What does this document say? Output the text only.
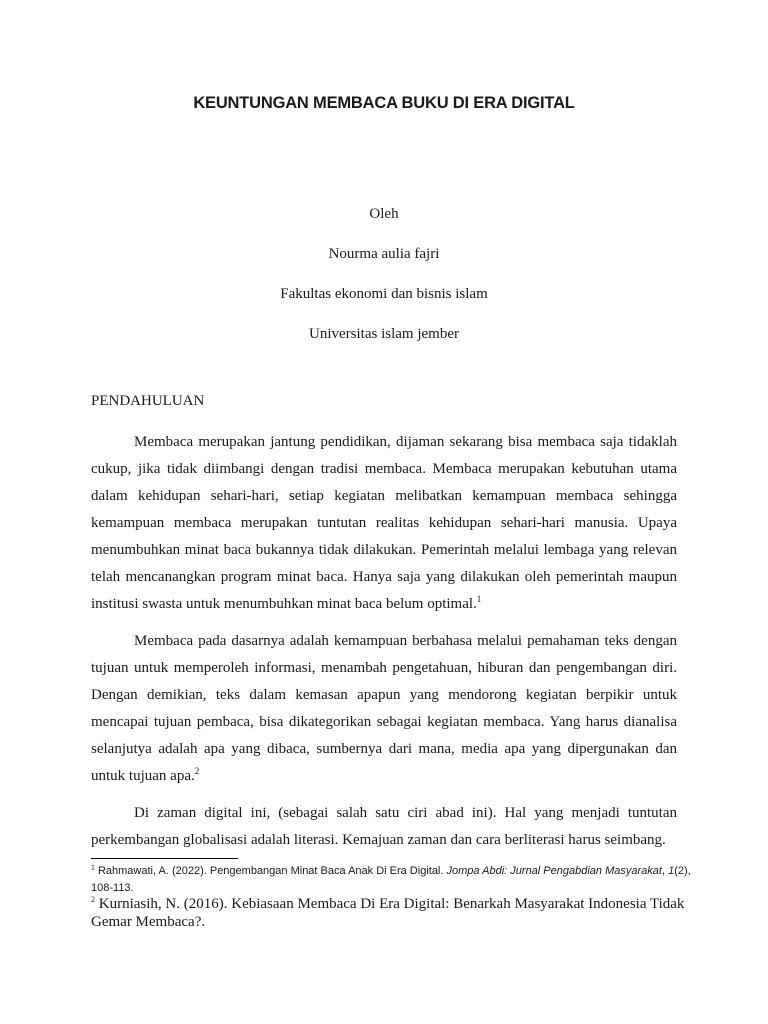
KEUNTUNGAN MEMBACA BUKU DI ERA DIGITAL
Oleh
Nourma aulia fajri
Fakultas ekonomi dan bisnis islam
Universitas islam jember
PENDAHULUAN

Membaca merupakan jantung pendidikan, dijaman sekarang bisa membaca saja tidaklah cukup, jika tidak diimbangi dengan tradisi membaca. Membaca merupakan kebutuhan utama dalam kehidupan sehari-hari, setiap kegiatan melibatkan kemampuan membaca sehingga kemampuan membaca merupakan tuntutan realitas kehidupan sehari-hari manusia. Upaya menumbuhkan minat baca bukannya tidak dilakukan. Pemerintah melalui lembaga yang relevan telah mencanangkan program minat baca. Hanya saja yang dilakukan oleh pemerintah maupun institusi swasta untuk menumbuhkan minat baca belum optimal.$^1$

Membaca pada dasarnya adalah kemampuan berbahasa melalui pemahaman teks dengan tujuan untuk memperoleh informasi, menambah pengetahuan, hiburan dan pengembangan diri. Dengan demikian, teks dalam kemasan apapun yang mendorong kegiatan berpikir untuk mencapai tujuan pembaca, bisa dikategorikan sebagai kegiatan membaca. Yang harus dianalisa selanjutya adalah apa yang dibaca, sumbernya dari mana, media apa yang dipergunakan dan untuk tujuan apa.$^2$

Di zaman digital ini, (sebagai salah satu ciri abad ini). Hal yang menjadi tuntutan perkembangan globalisasi adalah literasi. Kemajuan zaman dan cara berliterasi harus seimbang.

$^1$ Rahmawati, A. (2022). Pengembangan Minat Baca Anak Di Era Digital. Jompa Abdi: Jurnal Pengabdian Masyarakat, 1(2), 108-113.
$^2$ Kurniasih, N. (2016). Kebiasaan Membaca Di Era Digital: Benarkah Masyarakat Indonesia Tidak Gemar Membaca?.
